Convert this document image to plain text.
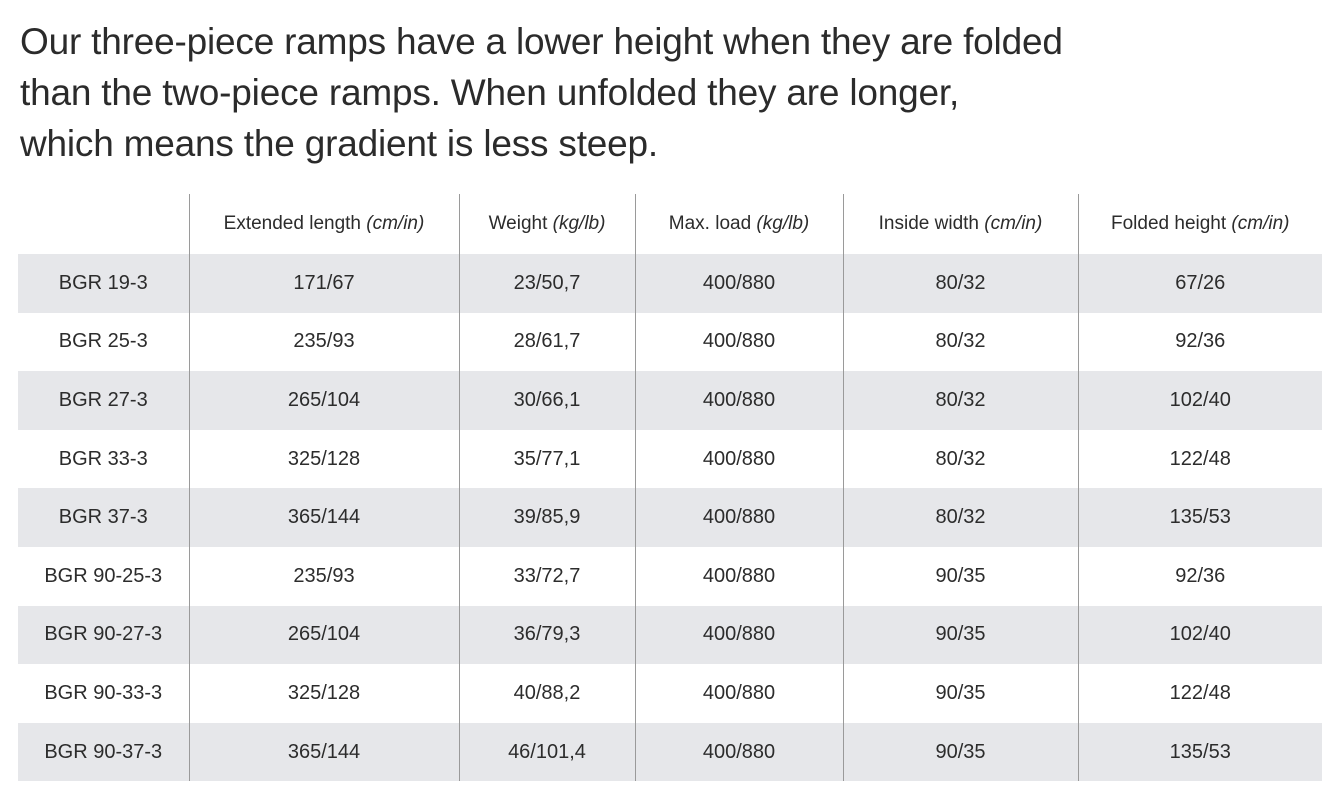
Our three-piece ramps have a lower height when they are folded
than the two-piece ramps. When unfolded they are longer,
which means the gradient is less steep.

	Extended length (cm/in)	Weight (kg/lb)	Max. load (kg/lb)	Inside width (cm/in)	Folded height (cm/in)
BGR 19-3	171/67	23/50,7	400/880	80/32	67/26
BGR 25-3	235/93	28/61,7	400/880	80/32	92/36
BGR 27-3	265/104	30/66,1	400/880	80/32	102/40
BGR 33-3	325/128	35/77,1	400/880	80/32	122/48
BGR 37-3	365/144	39/85,9	400/880	80/32	135/53
BGR 90-25-3	235/93	33/72,7	400/880	90/35	92/36
BGR 90-27-3	265/104	36/79,3	400/880	90/35	102/40
BGR 90-33-3	325/128	40/88,2	400/880	90/35	122/48
BGR 90-37-3	365/144	46/101,4	400/880	90/35	135/53
